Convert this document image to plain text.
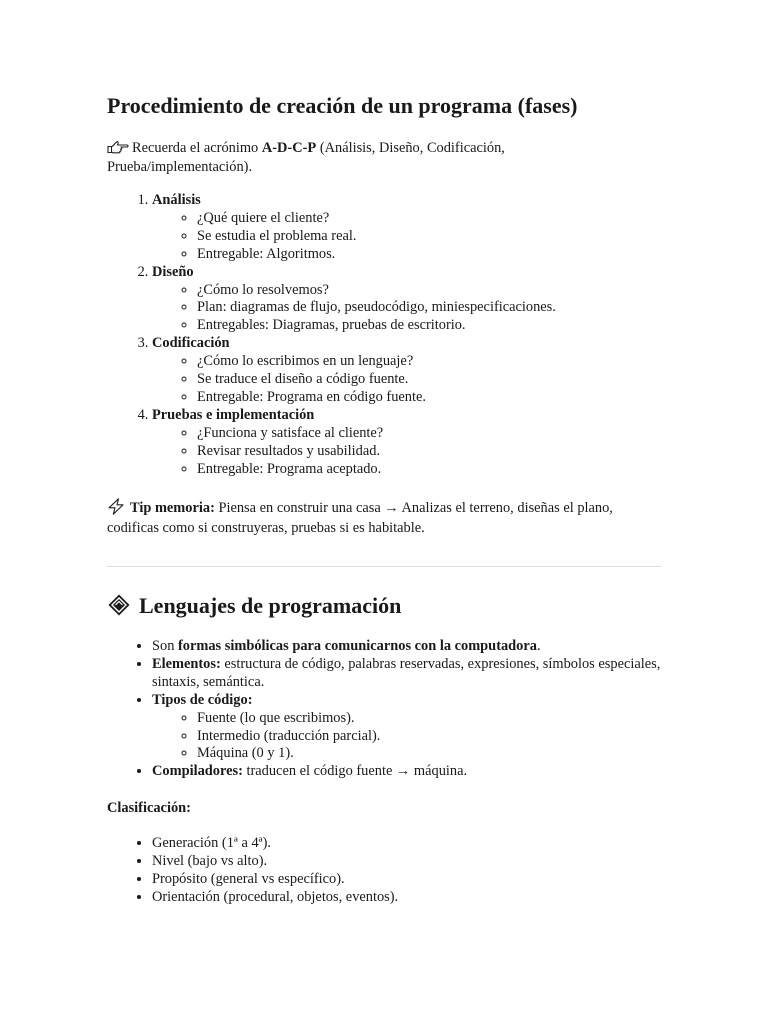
Procedimiento de creación de un programa (fases)

Recuerda el acrónimo A-D-C-P (Análisis, Diseño, Codificación, Prueba/implementación).

1. Análisis
◦ ¿Qué quiere el cliente?
◦ Se estudia el problema real.
◦ Entregable: Algoritmos.
2. Diseño
◦ ¿Cómo lo resolvemos?
◦ Plan: diagramas de flujo, pseudocódigo, miniespecificaciones.
◦ Entregables: Diagramas, pruebas de escritorio.
3. Codificación
◦ ¿Cómo lo escribimos en un lenguaje?
◦ Se traduce el diseño a código fuente.
◦ Entregable: Programa en código fuente.
4. Pruebas e implementación
◦ ¿Funciona y satisface al cliente?
◦ Revisar resultados y usabilidad.
◦ Entregable: Programa aceptado.

Tip memoria: Piensa en construir una casa → Analizas el terreno, diseñas el plano, codificas como si construyeras, pruebas si es habitable.

Lenguajes de programación
• Son formas simbólicas para comunicarnos con la computadora.
• Elementos: estructura de código, palabras reservadas, expresiones, símbolos especiales, sintaxis, semántica.
• Tipos de código:
◦ Fuente (lo que escribimos).
◦ Intermedio (traducción parcial).
◦ Máquina (0 y 1).
• Compiladores: traducen el código fuente → máquina.

Clasificación:

• Generación (1ª a 4ª).
• Nivel (bajo vs alto).
• Propósito (general vs específico).
• Orientación (procedural, objetos, eventos).
